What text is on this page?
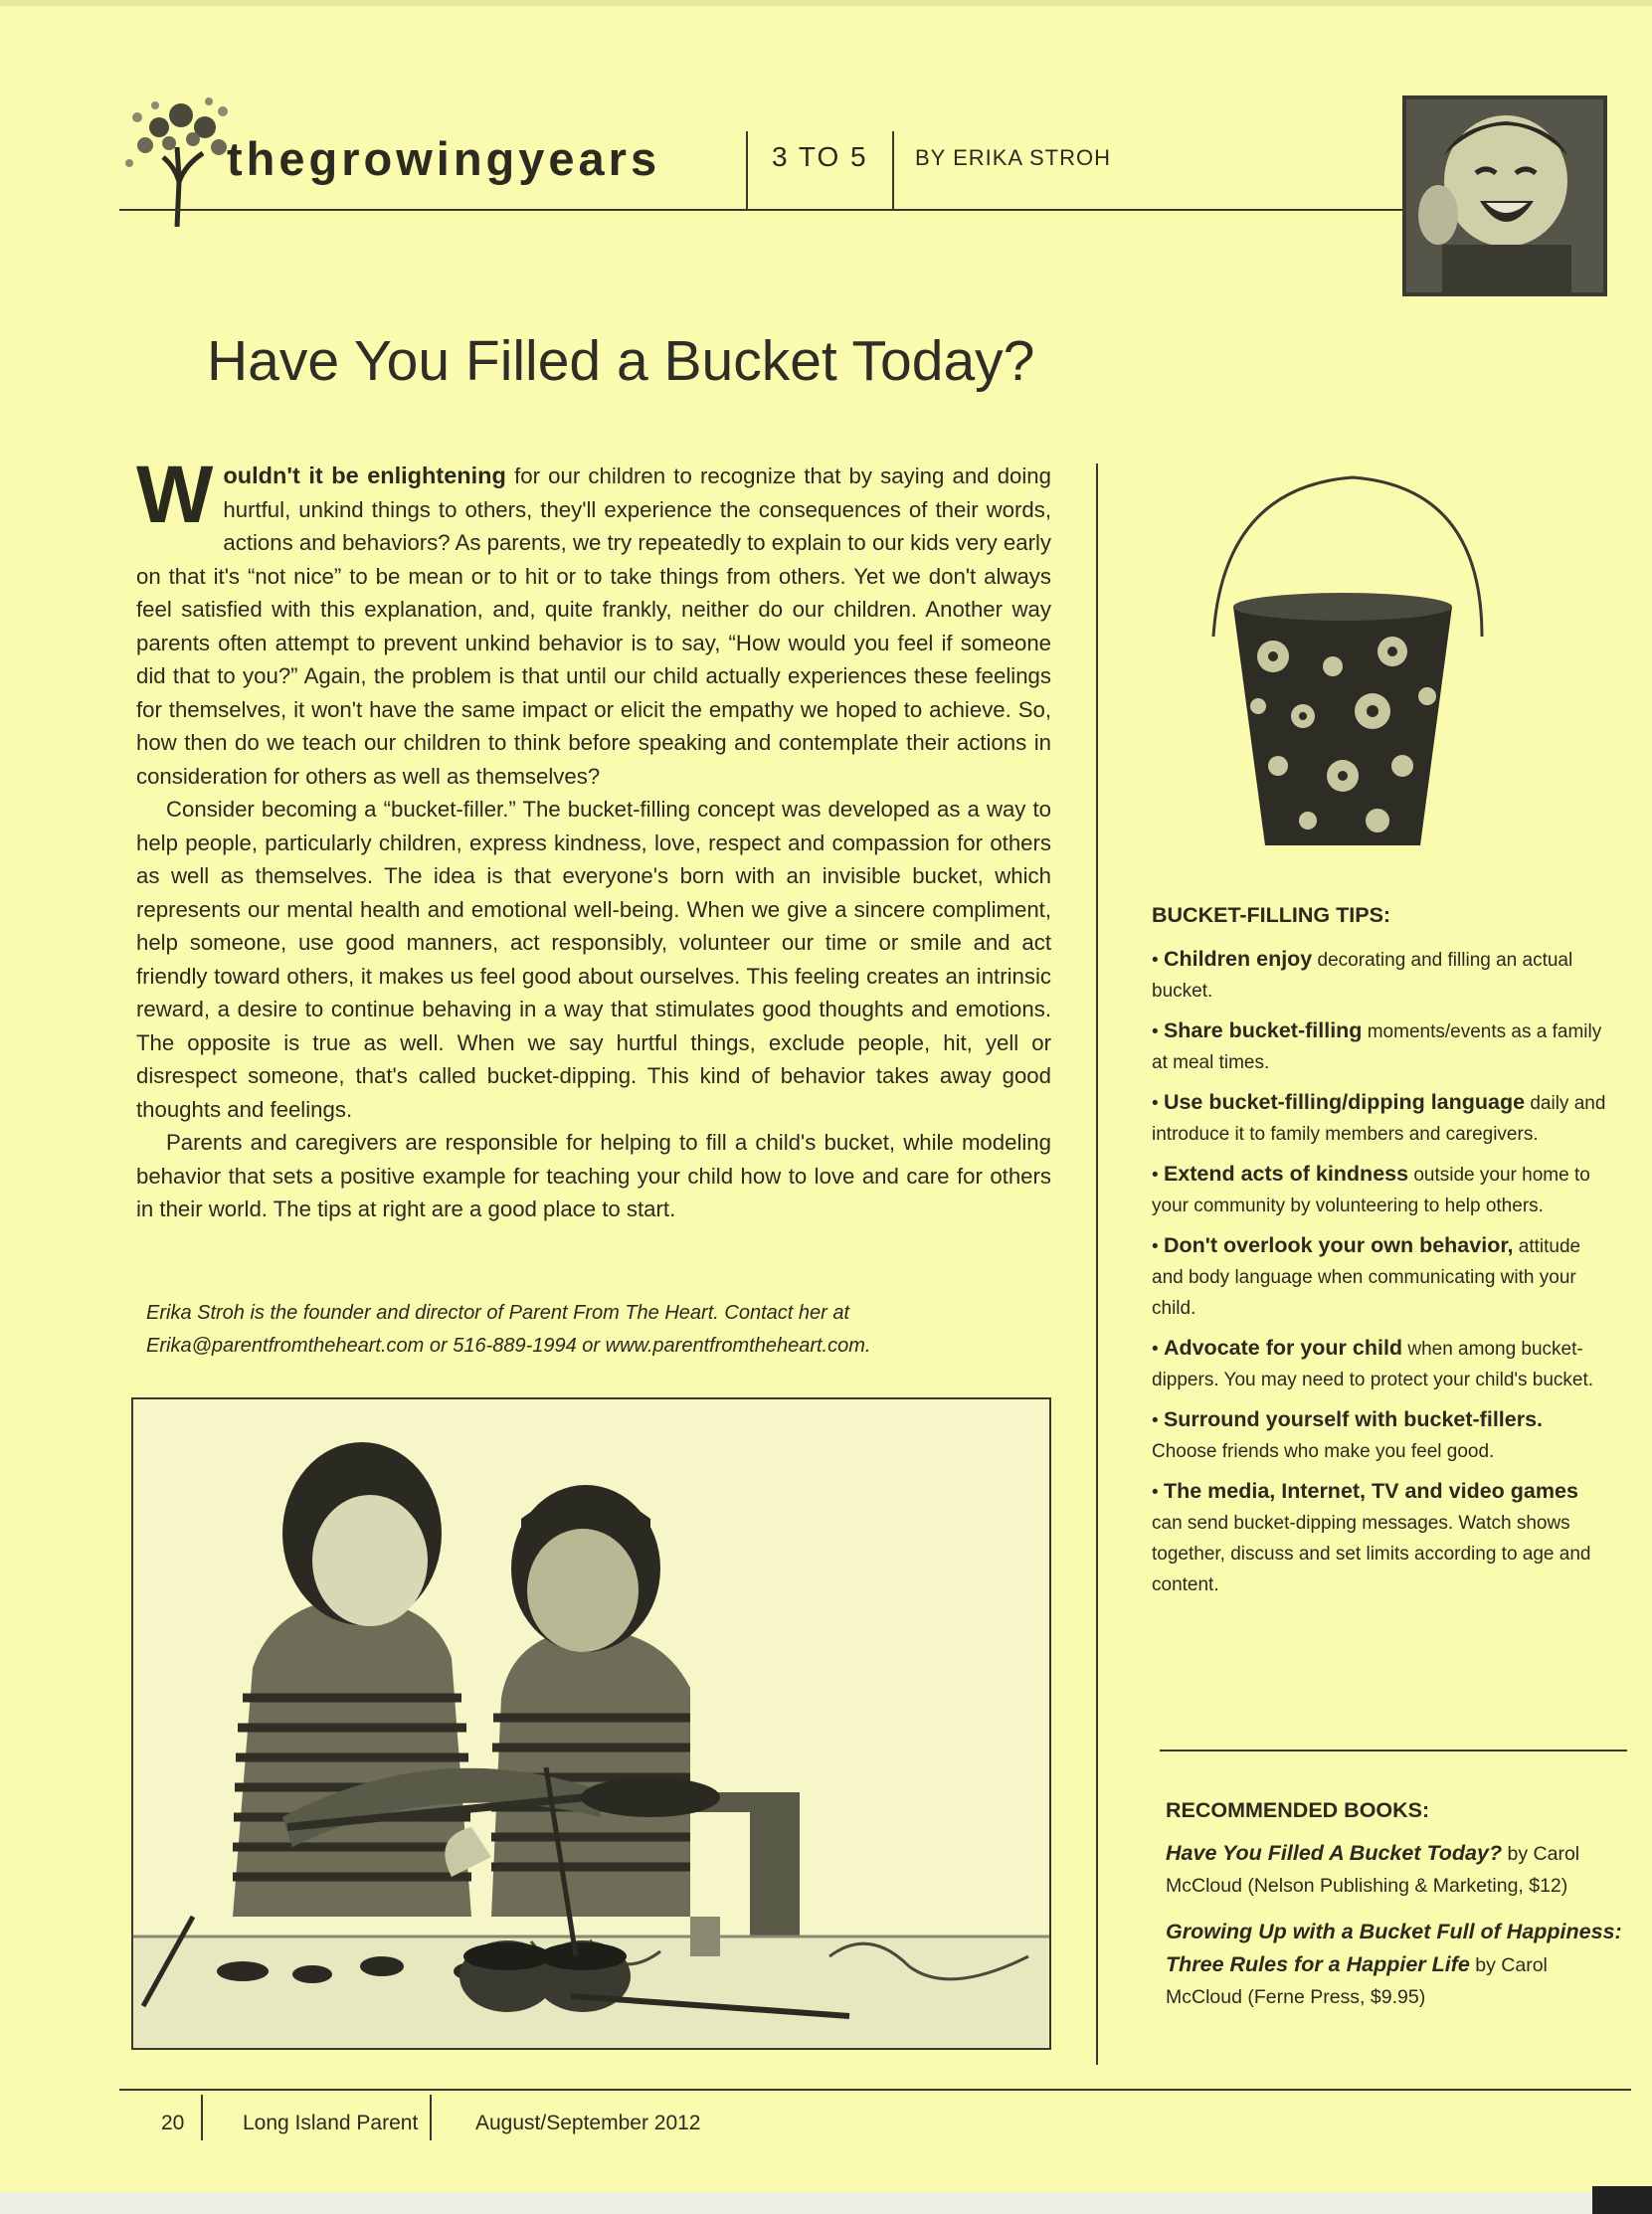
thegrowingyears	3 TO 5 BY ERIKA STROH
Have You Filled a Bucket Today?

Wouldn't it be enlightening for our children to recognize that by saying and doing hurtful, unkind things to others, they'll experience the consequences of their words, actions and behaviors? As parents, we try repeatedly to explain to our kids very early on that it's “not nice” to be mean or to hit or to take things from others. Yet we don't always feel satisfied with this explanation, and, quite frankly, neither do our children. Another way parents often attempt to prevent unkind behavior is to say, “How would you feel if someone did that to you?” Again, the problem is that until our child actually experiences these feelings for themselves, it won't have the same impact or elicit the empathy we hoped to achieve. So, how then do we teach our children to think before speaking and contemplate their actions in consideration for others as well as themselves?

Consider becoming a “bucket-filler.” The bucket-filling concept was developed as a way to help people, particularly children, express kindness, love, respect and compassion for others as well as themselves. The idea is that everyone's born with an invisible bucket, which represents our mental health and emotional well-being. When we give a sincere compliment, help someone, use good manners, act responsibly, volunteer our time or smile and act friendly toward others, it makes us feel good about ourselves. This feeling creates an intrinsic reward, a desire to continue behaving in a way that stimulates good thoughts and emotions. The opposite is true as well. When we say hurtful things, exclude people, hit, yell or disrespect someone, that's called bucket-dipping. This kind of behavior takes away good thoughts and feelings.

Parents and caregivers are responsible for helping to fill a child's bucket, while modeling behavior that sets a positive example for teaching your child how to love and care for others in their world. The tips at right are a good place to start.

Erika Stroh is the founder and director of Parent From The Heart. Contact her at Erika@parentfromtheheart.com or 516-889-1994 or www.parentfromtheheart.com.
BUCKET-FILLING TIPS:
• Children enjoy decorating and filling an actual bucket.
• Share bucket-filling moments/events as a family at meal times.
• Use bucket-filling/dipping language daily and introduce it to family members and caregivers.
• Extend acts of kindness outside your home to your community by volunteering to help others.
• Don't overlook your own behavior, attitude and body language when communicating with your child.
• Advocate for your child when among bucket-dippers. You may need to protect your child's bucket.
• Surround yourself with bucket-fillers. Choose friends who make you feel good.
• The media, Internet, TV and video games can send bucket-dipping messages. Watch shows together, discuss and set limits according to age and content.
RECOMMENDED BOOKS:

Have You Filled A Bucket Today? by Carol McCloud (Nelson Publishing & Marketing, $12)

Growing Up with a Bucket Full of Happiness: Three Rules for a Happier Life by Carol McCloud (Ferne Press, $9.95)

20	Long Island Parent	August/September 2012
